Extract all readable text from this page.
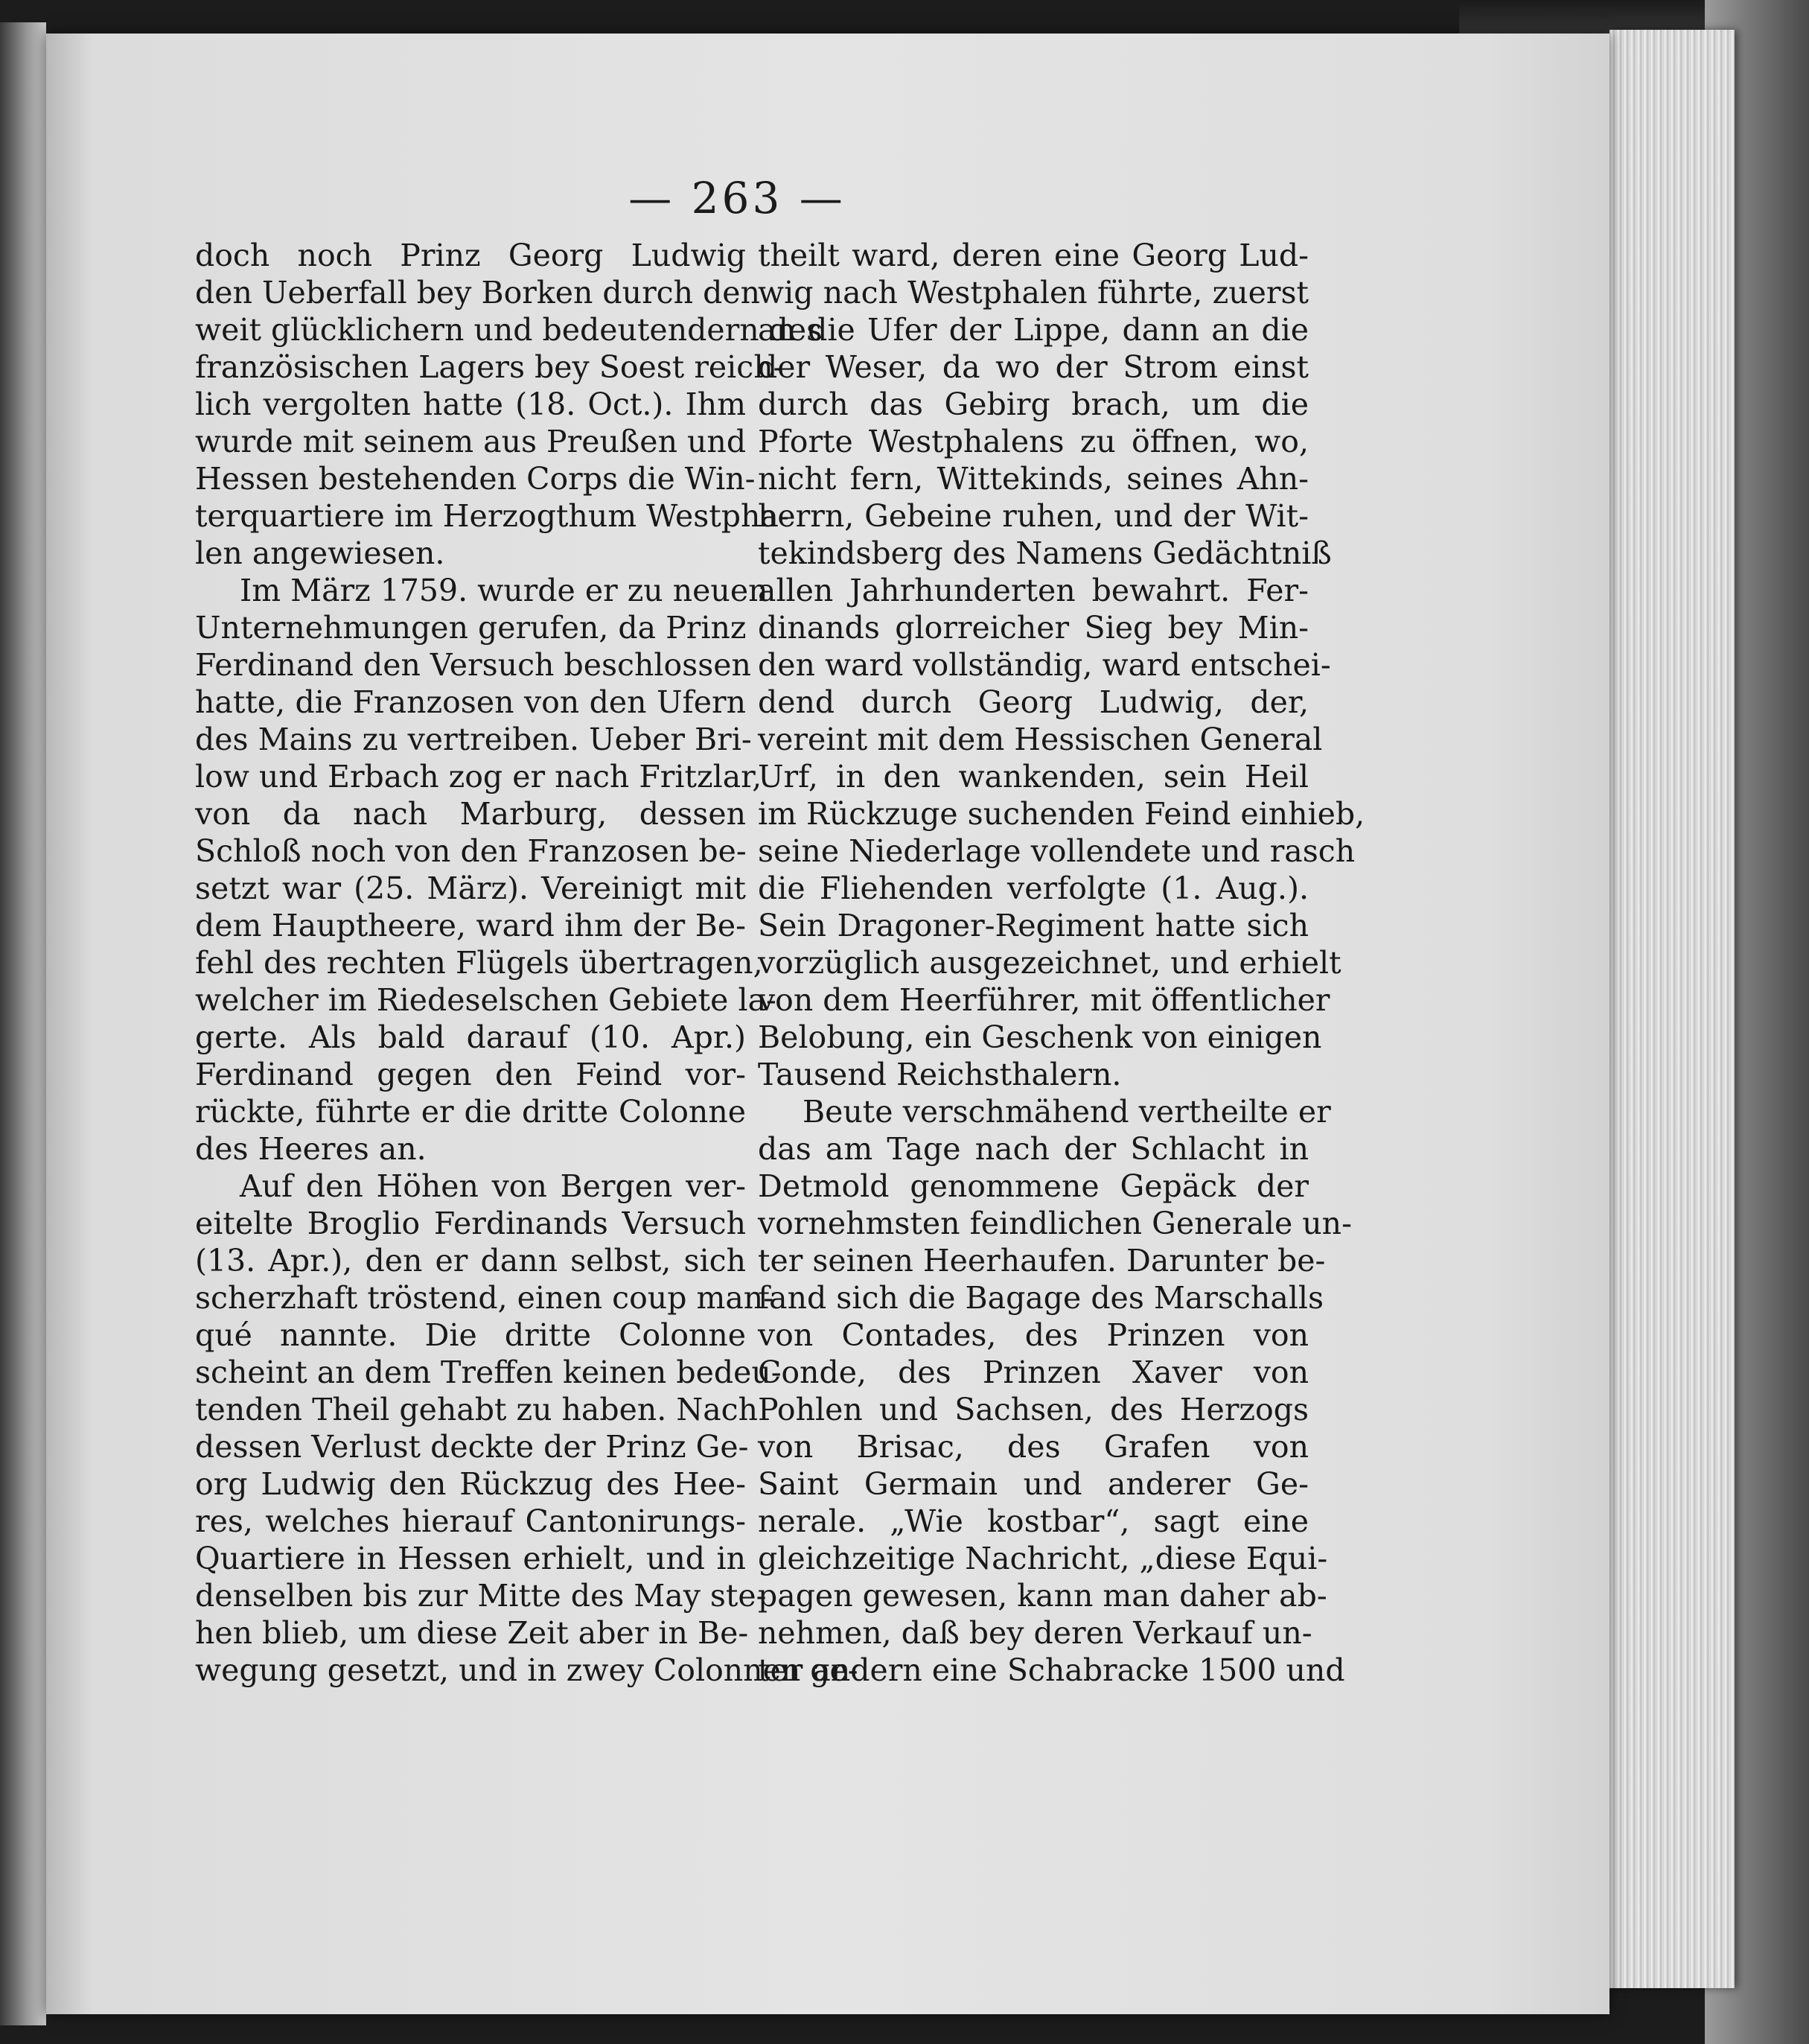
— 263 —
doch noch Prinz Georg Ludwig
den Ueberfall bey Borken durch den
weit glücklichern und bedeutendern des
französischen Lagers bey Soest reich-
lich vergolten hatte (18. Oct.). Ihm
wurde mit seinem aus Preußen und
Hessen bestehenden Corps die Win-
terquartiere im Herzogthum Westpha-
len angewiesen.
Im März 1759. wurde er zu neuen
Unternehmungen gerufen, da Prinz
Ferdinand den Versuch beschlossen
hatte, die Franzosen von den Ufern
des Mains zu vertreiben. Ueber Bri-
low und Erbach zog er nach Fritzlar,
von da nach Marburg, dessen
Schloß noch von den Franzosen be-
setzt war (25. März). Vereinigt mit
dem Hauptheere, ward ihm der Be-
fehl des rechten Flügels übertragen,
welcher im Riedeselschen Gebiete la-
gerte. Als bald darauf (10. Apr.)
Ferdinand gegen den Feind vor-
rückte, führte er die dritte Colonne
des Heeres an.
Auf den Höhen von Bergen ver-
eitelte Broglio Ferdinands Versuch
(13. Apr.), den er dann selbst, sich
scherzhaft tröstend, einen coup man-
qué nannte. Die dritte Colonne
scheint an dem Treffen keinen bedeu-
tenden Theil gehabt zu haben. Nach
dessen Verlust deckte der Prinz Ge-
org Ludwig den Rückzug des Hee-
res, welches hierauf Cantonirungs-
Quartiere in Hessen erhielt, und in
denselben bis zur Mitte des May ste-
hen blieb, um diese Zeit aber in Be-
wegung gesetzt, und in zwey Colonnen ge-
theilt ward, deren eine Georg Lud-
wig nach Westphalen führte, zuerst
an die Ufer der Lippe, dann an die
der Weser, da wo der Strom einst
durch das Gebirg brach, um die
Pforte Westphalens zu öffnen, wo,
nicht fern, Wittekinds, seines Ahn-
herrn, Gebeine ruhen, und der Wit-
tekindsberg des Namens Gedächtniß
allen Jahrhunderten bewahrt. Fer-
dinands glorreicher Sieg bey Min-
den ward vollständig, ward entschei-
dend durch Georg Ludwig, der,
vereint mit dem Hessischen General
Urf, in den wankenden, sein Heil
im Rückzuge suchenden Feind einhieb,
seine Niederlage vollendete und rasch
die Fliehenden verfolgte (1. Aug.).
Sein Dragoner-Regiment hatte sich
vorzüglich ausgezeichnet, und erhielt
von dem Heerführer, mit öffentlicher
Belobung, ein Geschenk von einigen
Tausend Reichsthalern.
Beute verschmähend vertheilte er
das am Tage nach der Schlacht in
Detmold genommene Gepäck der
vornehmsten feindlichen Generale un-
ter seinen Heerhaufen. Darunter be-
fand sich die Bagage des Marschalls
von Contades, des Prinzen von
Conde, des Prinzen Xaver von
Pohlen und Sachsen, des Herzogs
von Brisac, des Grafen von
Saint Germain und anderer Ge-
nerale. „Wie kostbar“, sagt eine
gleichzeitige Nachricht, „diese Equi-
pagen gewesen, kann man daher ab-
nehmen, daß bey deren Verkauf un-
ter andern eine Schabracke 1500 und
